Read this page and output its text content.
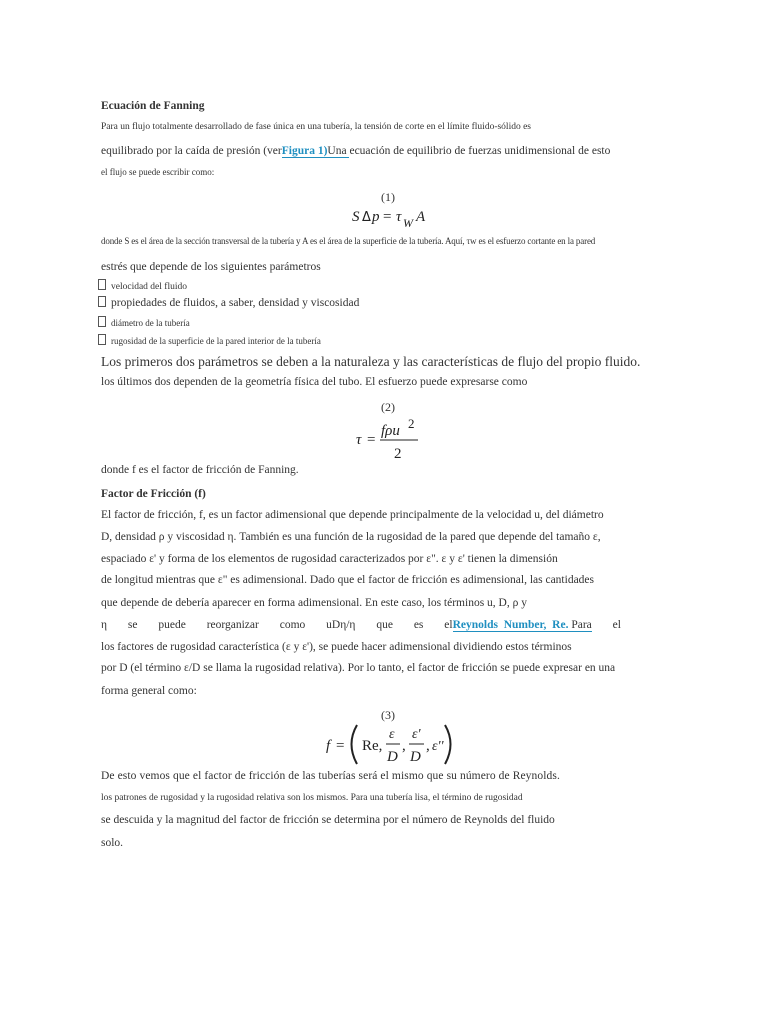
Ecuación de Fanning
Para un flujo totalmente desarrollado de fase única en una tubería, la tensión de corte en el límite fluido-sólido es
equilibrado por la caída de presión (verFigura 1)Una ecuación de equilibrio de fuerzas unidimensional de esto
el flujo se puede escribir como:
(1)
S Δ p = τ W A
donde S es el área de la sección transversal de la tubería y A es el área de la superficie de la tubería. Aquí, τw es el esfuerzo cortante en la pared
estrés que depende de los siguientes parámetros
velocidad del fluido
propiedades de fluidos, a saber, densidad y viscosidad
diámetro de la tubería
rugosidad de la superficie de la pared interior de la tubería
Los primeros dos parámetros se deben a la naturaleza y las características de flujo del propio fluido.
los últimos dos dependen de la geometría física del tubo. El esfuerzo puede expresarse como
(2)
τ =
fρu 2
2
donde f es el factor de fricción de Fanning.
Factor de Fricción (f)
El factor de fricción, f, es un factor adimensional que depende principalmente de la velocidad u, del diámetro
D, densidad ρ y viscosidad η. También es una función de la rugosidad de la pared que depende del tamaño ε,
espaciado ε' y forma de los elementos de rugosidad caracterizados por ε". ε y ε' tienen la dimensión
de longitud mientras que ε" es adimensional. Dado que el factor de fricción es adimensional, las cantidades
que depende de debería aparecer en forma adimensional. En este caso, los términos u, D, ρ y
η se puede reorganizar como uDη/η que es elReynolds  Number,  Re. Para el
los factores de rugosidad característica (ε y ε'), se puede hacer adimensional dividiendo estos términos
por D (el término ε/D se llama la rugosidad relativa). Por lo tanto, el factor de fricción se puede expresar en una
forma general como:
(3)
f = Re,
ε
D
,
ε'
D
, ε''
De esto vemos que el factor de fricción de las tuberías será el mismo que su número de Reynolds.
los patrones de rugosidad y la rugosidad relativa son los mismos. Para una tubería lisa, el término de rugosidad
se descuida y la magnitud del factor de fricción se determina por el número de Reynolds del fluido
solo.
